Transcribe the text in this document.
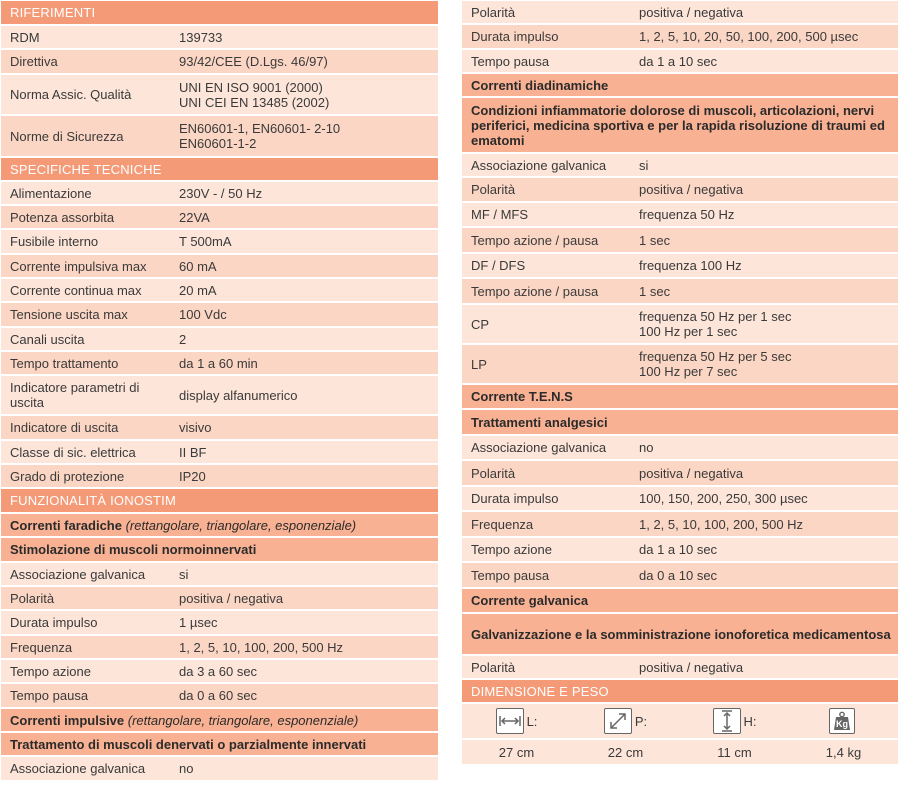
RIFERIMENTI
RDM	139733
Direttiva	93/42/CEE (D.Lgs. 46/97)
Norma Assic. Qualità	UNI EN ISO 9001 (2000)
UNI CEI EN 13485 (2002)
Norme di Sicurezza	EN60601-1, EN60601- 2-10
EN60601-1-2
SPECIFICHE TECNICHE
Alimentazione	230V - / 50 Hz
Potenza assorbita	22VA
Fusibile interno	T 500mA
Corrente impulsiva max	60 mA
Corrente continua max	20 mA
Tensione uscita max	100 Vdc
Canali uscita	2
Tempo trattamento	da 1 a 60 min
Indicatore parametri di
uscita	display alfanumerico
Indicatore di uscita	visivo
Classe di sic. elettrica	II BF
Grado di protezione	IP20
FUNZIONALITÀ IONOSTIM
Correnti faradiche (rettangolare, triangolare, esponenziale)
Stimolazione di muscoli normoinnervati
Associazione galvanica	si
Polarità	positiva / negativa
Durata impulso	1 µsec
Frequenza	1, 2, 5, 10, 100, 200, 500 Hz
Tempo azione	da 3 a 60 sec
Tempo pausa	da 0 a 60 sec
Correnti impulsive (rettangolare, triangolare, esponenziale)
Trattamento di muscoli denervati o parzialmente innervati
Associazione galvanica	no
Polarità	positiva / negativa
Durata impulso	1, 2, 5, 10, 20, 50, 100, 200, 500 µsec
Tempo pausa	da 1 a 10 sec
Correnti diadinamiche
Condizioni infiammatorie dolorose di muscoli, articolazioni, nervi periferici, medicina sportiva e per la rapida risoluzione di traumi ed ematomi
Associazione galvanica	si
Polarità	positiva / negativa
MF / MFS	frequenza 50 Hz
Tempo azione / pausa	1 sec
DF / DFS	frequenza 100 Hz
Tempo azione / pausa	1 sec
CP	frequenza 50 Hz per 1 sec
100 Hz per 1 sec
LP	frequenza 50 Hz per 5 sec
100 Hz per 7 sec
Corrente T.E.N.S
Trattamenti analgesici
Associazione galvanica	no
Polarità	positiva / negativa
Durata impulso	100, 150, 200, 250, 300 µsec
Frequenza	1, 2, 5, 10, 100, 200, 500 Hz
Tempo azione	da 1 a 10 sec
Tempo pausa	da 0 a 10 sec
Corrente galvanica
Galvanizzazione e la somministrazione ionoforetica medicamentosa
Polarità	positiva / negativa
DIMENSIONE E PESO
L:	P:	H:	Kg
27 cm	22 cm	11 cm	1,4 kg
